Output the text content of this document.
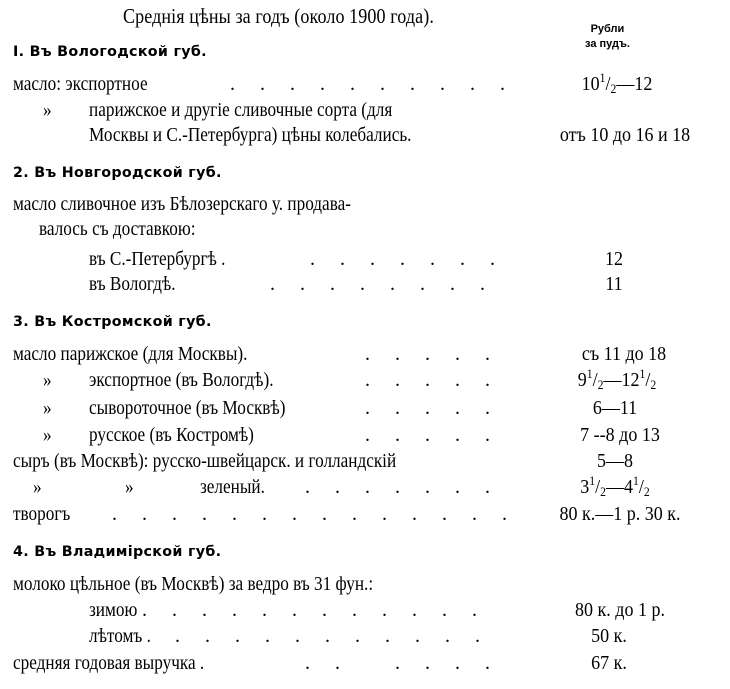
Среднія цѣны за годъ (около 1900 года).
Рубли
за пудъ.
I. Въ Вологодской губ.
масло: экспортное	.     .     .     .     .     .     .     .     .     .	$10^1/_2—12$
» парижское и другіе сливочные сорта (для
Москвы и С.-Петербурга) цѣны колебались.	отъ 10 до 16 и 18
2. Въ Новгородской губ.
масло сливочное изъ Бѣлозерскаго у. продава-
валось съ доставкою:
въ С.-Петербургѣ .	.     .     .     .     .     .     .	12
въ Вологдѣ.	.     .     .     .     .     .     .     .	11
3. Въ Костромской губ.
масло парижское (для Москвы).	.     .     .     .     .	съ 11 до 18
» экспортное (въ Вологдѣ).	.     .     .     .     .	$9^1/_2—12^1/_2$
» сывороточное (въ Москвѣ)	.     .     .     .     .	6—11
» русское (въ Костромѣ)	.     .     .     .     .	7 --8 до 13
сыръ (въ Москвѣ): русско-швейцарск. и голландскій	5—8
»	»	зеленый. .     .     .     .     .     .     .	$3^1/_2—4^1/_2$
творогъ .     .     .     .     .     .     .     .     .     .     .     .     .     .	80 к.—1 р. 30 к.
4. Въ Владимірской губ.
молоко цѣльное (въ Москвѣ) за ведро въ 31 фун.:
зимою .     .     .     .     .     .     .     .     .     .     .     .	80 к. до 1 р.
лѣтомъ . .     .     .     .     .     .     .     .     .     .     .	50 к.
средняя годовая выручка .	.     .           .     .     .     .	67 к.
